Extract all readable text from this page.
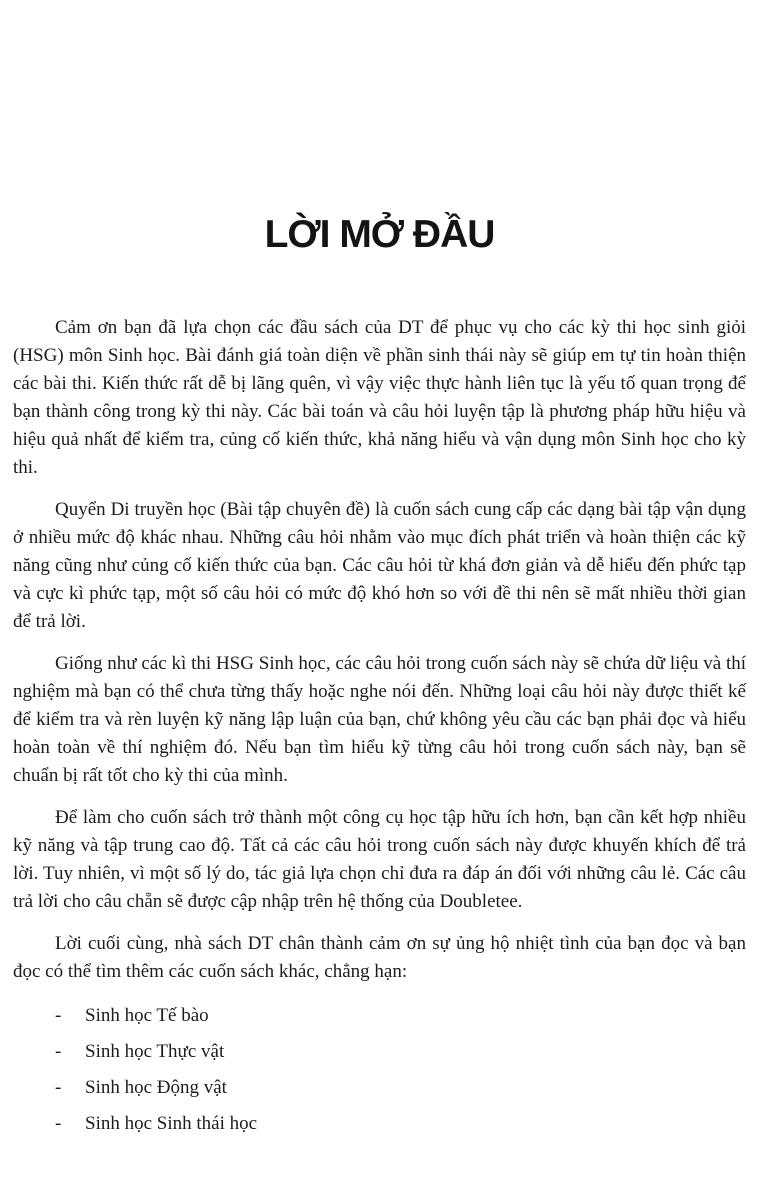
LỜI MỞ ĐẦU

Cảm ơn bạn đã lựa chọn các đầu sách của DT để phục vụ cho các kỳ thi học sinh giỏi (HSG) môn Sinh học. Bài đánh giá toàn diện về phần sinh thái này sẽ giúp em tự tin hoàn thiện các bài thi. Kiến thức rất dễ bị lãng quên, vì vậy việc thực hành liên tục là yếu tố quan trọng để bạn thành công trong kỳ thi này. Các bài toán và câu hỏi luyện tập là phương pháp hữu hiệu và hiệu quả nhất để kiểm tra, củng cố kiến thức, khả năng hiểu và vận dụng môn Sinh học cho kỳ thi.

Quyển Di truyền học (Bài tập chuyên đề) là cuốn sách cung cấp các dạng bài tập vận dụng ở nhiều mức độ khác nhau. Những câu hỏi nhằm vào mục đích phát triển và hoàn thiện các kỹ năng cũng như củng cố kiến thức của bạn. Các câu hỏi từ khá đơn giản và dễ hiểu đến phức tạp và cực kì phức tạp, một số câu hỏi có mức độ khó hơn so với đề thi nên sẽ mất nhiều thời gian để trả lời.

Giống như các kì thi HSG Sinh học, các câu hỏi trong cuốn sách này sẽ chứa dữ liệu và thí nghiệm mà bạn có thể chưa từng thấy hoặc nghe nói đến. Những loại câu hỏi này được thiết kế để kiểm tra và rèn luyện kỹ năng lập luận của bạn, chứ không yêu cầu các bạn phải đọc và hiểu hoàn toàn về thí nghiệm đó. Nếu bạn tìm hiểu kỹ từng câu hỏi trong cuốn sách này, bạn sẽ chuẩn bị rất tốt cho kỳ thi của mình.

Để làm cho cuốn sách trở thành một công cụ học tập hữu ích hơn, bạn cần kết hợp nhiều kỹ năng và tập trung cao độ. Tất cả các câu hỏi trong cuốn sách này được khuyến khích để trả lời. Tuy nhiên, vì một số lý do, tác giả lựa chọn chỉ đưa ra đáp án đối với những câu lẻ. Các câu trả lời cho câu chẵn sẽ được cập nhập trên hệ thống của Doubletee.

Lời cuối cùng, nhà sách DT chân thành cảm ơn sự ủng hộ nhiệt tình của bạn đọc và bạn đọc có thể tìm thêm các cuốn sách khác, chẳng hạn:

-	Sinh học Tế bào
-	Sinh học Thực vật
-	Sinh học Động vật
-	Sinh học Sinh thái học
